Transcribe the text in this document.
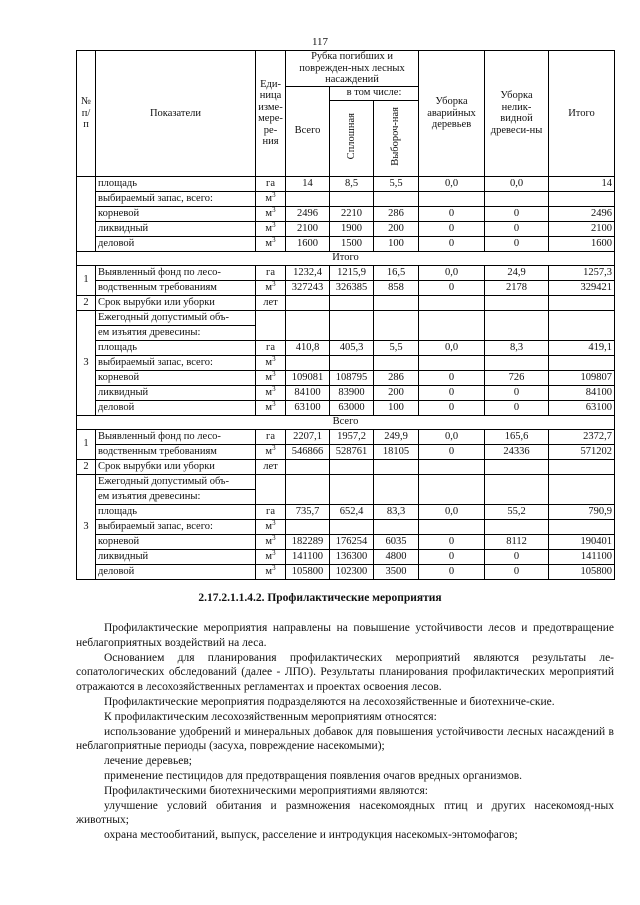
117
№ п/п	Показатели	Еди-ница изме-мере-ре-ния	Рубка погибших и поврежден-ных лесных насаждений			Уборка аварийных деревьев	Уборка нелик-видной древеси-ны	Итого
			Всего	в том числе:				
				Сплошная	Выбороч-ная			
	площадь	га	14	8,5	5,5	0,0	0,0	14
	выбираемый запас, всего:	$м^3$						
	корневой	$м^3$	2496	2210	286	0	0	2496
	ликвидный	$м^3$	2100	1900	200	0	0	2100
	деловой	$м^3$	1600	1500	100	0	0	1600
Итого								
1	Выявленный фонд по лесо-	га	1232,4	1215,9	16,5	0,0	24,9	1257,3
	водственным требованиям	$м^3$	327243	326385	858	0	2178	329421
2	Срок вырубки или уборки	лет						
3	Ежегодный допустимый объ-							
	ем изъятия древесины:							
	площадь	га	410,8	405,3	5,5	0,0	8,3	419,1
	выбираемый запас, всего:	$м^3$						
	корневой	$м^3$	109081	108795	286	0	726	109807
	ликвидный	$м^3$	84100	83900	200	0	0	84100
	деловой	$м^3$	63100	63000	100	0	0	63100
Всего								
1	Выявленный фонд по лесо-	га	2207,1	1957,2	249,9	0,0	165,6	2372,7
	водственным требованиям	$м^3$	546866	528761	18105	0	24336	571202
2	Срок вырубки или уборки	лет						
3	Ежегодный допустимый объ-							
	ем изъятия древесины:							
	площадь	га	735,7	652,4	83,3	0,0	55,2	790,9
	выбираемый запас, всего:	$м^3$						
	корневой	$м^3$	182289	176254	6035	0	8112	190401
	ликвидный	$м^3$	141100	136300	4800	0	0	141100
	деловой	$м^3$	105800	102300	3500	0	0	105800
2.17.2.1.1.4.2. Профилактические мероприятия

Профилактические мероприятия направлены на повышение устойчивости лесов и предотвращение неблагоприятных воздействий на леса.

Основанием для планирования профилактических мероприятий являются результаты ле-сопатологических обследований (далее - ЛПО). Результаты планирования профилактических мероприятий отражаются в лесохозяйственных регламентах и проектах освоения лесов.

Профилактические мероприятия подразделяются на лесохозяйственные и биотехниче-ские.

К профилактическим лесохозяйственным мероприятиям относятся:

использование удобрений и минеральных добавок для повышения устойчивости лесных насаждений в неблагоприятные периоды (засуха, повреждение насекомыми);

лечение деревьев;

применение пестицидов для предотвращения появления очагов вредных организмов.

Профилактическими биотехническими мероприятиями являются:

улучшение условий обитания и размножения насекомоядных птиц и других насекомояд-ных животных;

охрана местообитаний, выпуск, расселение и интродукция насекомых-энтомофагов;
